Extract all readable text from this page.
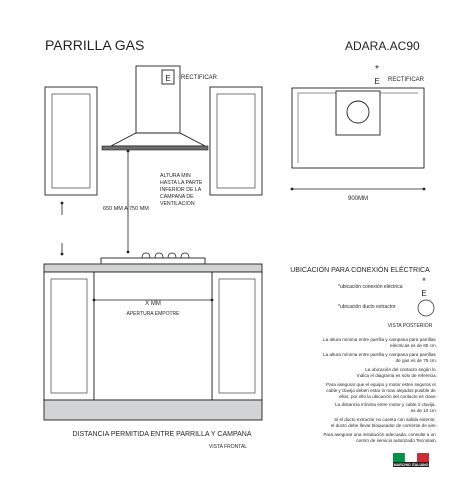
PARRILLA GAS	ADARA.AC90
E RECTIFICAR
650 MM A 750 MM
ALTURA MIN HASTA LA PARTE INFERIOR DE LA CAMPANA DE VENTILACION
*
E RECTIFICAR
900MM
X MM
APERTURA EMPOTRE
DISTANCIA PERMITIDA ENTRE PARRILLA Y CAMPANA
VISTA FRONTAL
UBICACIÓN PARA CONEXIÓN ELÉCTRICA
*ubicación conexión eléctrica
*
E
*ubicación ducto extractor
VISTA POSTERIOR
La altura mínima entre parrilla y campana para parrillas eléctricas es de 65 cm.
La altura mínima entre parrilla y campana para parrillas de gas es de 75 cm.
La ubicación del contacto según lo indica el diagrama es solo de referecia.
Para asegurar que el equipo y motor esten seguros el cable y clavija deben estar lo mas alejados posible de ellos, por ello la ubicación del contacto es clave.
La distancia mínima entre motor y cable ó clavija, es de 10 cm.
Si el ducto extractor no cuenta con salida exterior, el ducto debe llevar bloqueador de corriente de aire.
Para asegurar una instalación adecuada, consulte a un centro de servicio autorizado Tecnolam.
MARCHIO ITALIANO
